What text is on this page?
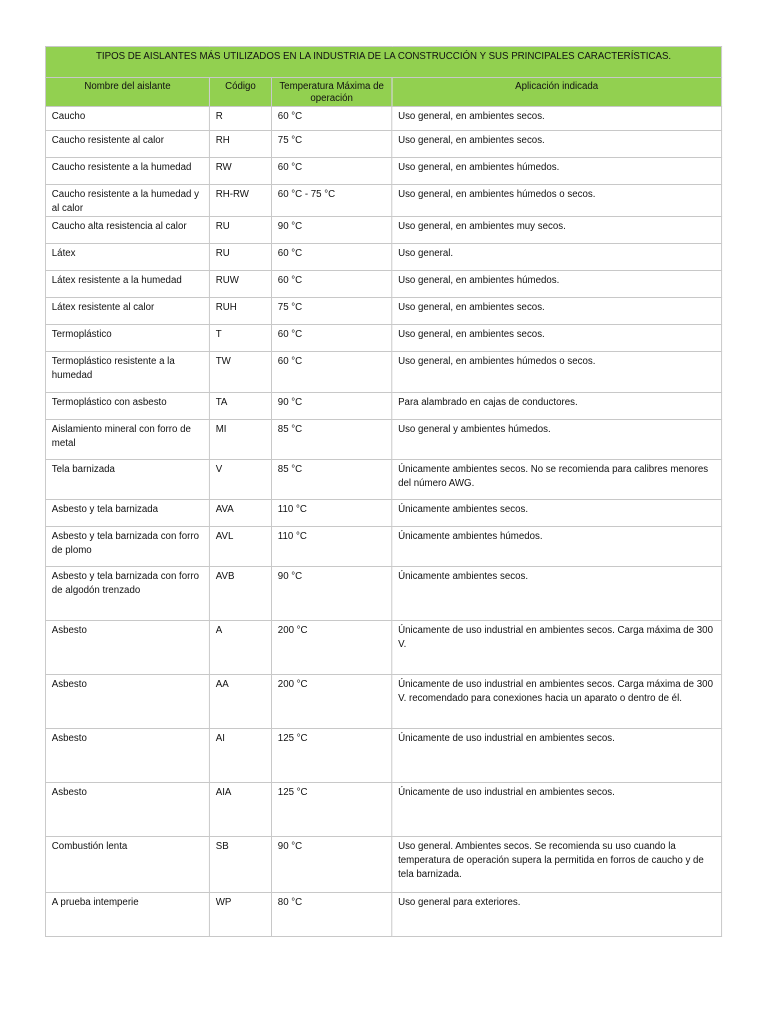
TIPOS DE AISLANTES MÁS UTILIZADOS EN LA INDUSTRIA DE LA CONSTRUCCIÓN Y SUS PRINCIPALES CARACTERÍSTICAS.			
Nombre del aislante	Código	Temperatura Máxima de operación	Aplicación indicada
Caucho	R	60 °C	Uso general, en ambientes secos.
Caucho resistente al calor	RH	75 °C	Uso general, en ambientes secos.
Caucho resistente a la humedad	RW	60 °C	Uso general, en ambientes húmedos.
Caucho resistente a la humedad y al calor	RH-RW	60 °C - 75 °C	Uso general, en ambientes húmedos o secos.
Caucho alta resistencia al calor	RU	90 °C	Uso general, en ambientes muy secos.
Látex	RU	60 °C	Uso general.
Látex resistente a la humedad	RUW	60 °C	Uso general, en ambientes húmedos.
Látex resistente al calor	RUH	75 °C	Uso general, en ambientes secos.
Termoplástico	T	60 °C	Uso general, en ambientes secos.
Termoplástico resistente a la humedad	TW	60 °C	Uso general, en ambientes húmedos o secos.
Termoplástico con asbesto	TA	90 °C	Para alambrado en cajas de conductores.
Aislamiento mineral con forro de metal	MI	85 °C	Uso general y ambientes húmedos.
Tela barnizada	V	85 °C	Únicamente ambientes secos. No se recomienda para calibres menores del número AWG.
Asbesto y tela barnizada	AVA	110 °C	Únicamente ambientes secos.
Asbesto y tela barnizada con forro de plomo	AVL	110 °C	Únicamente ambientes húmedos.
Asbesto y tela barnizada con forro de algodón trenzado	AVB	90 °C	Únicamente ambientes secos.
Asbesto	A	200 °C	Únicamente de uso industrial en ambientes secos. Carga máxima de 300 V.
Asbesto	AA	200 °C	Únicamente de uso industrial en ambientes secos. Carga máxima de 300 V. recomendado para conexiones hacia un aparato o dentro de él.
Asbesto	AI	125 °C	Únicamente de uso industrial en ambientes secos.
Asbesto	AIA	125 °C	Únicamente de uso industrial en ambientes secos.
Combustión lenta	SB	90 °C	Uso general. Ambientes secos. Se recomienda su uso cuando la temperatura de operación supera la permitida en forros de caucho y de tela barnizada.
A prueba intemperie	WP	80 °C	Uso general para exteriores.
